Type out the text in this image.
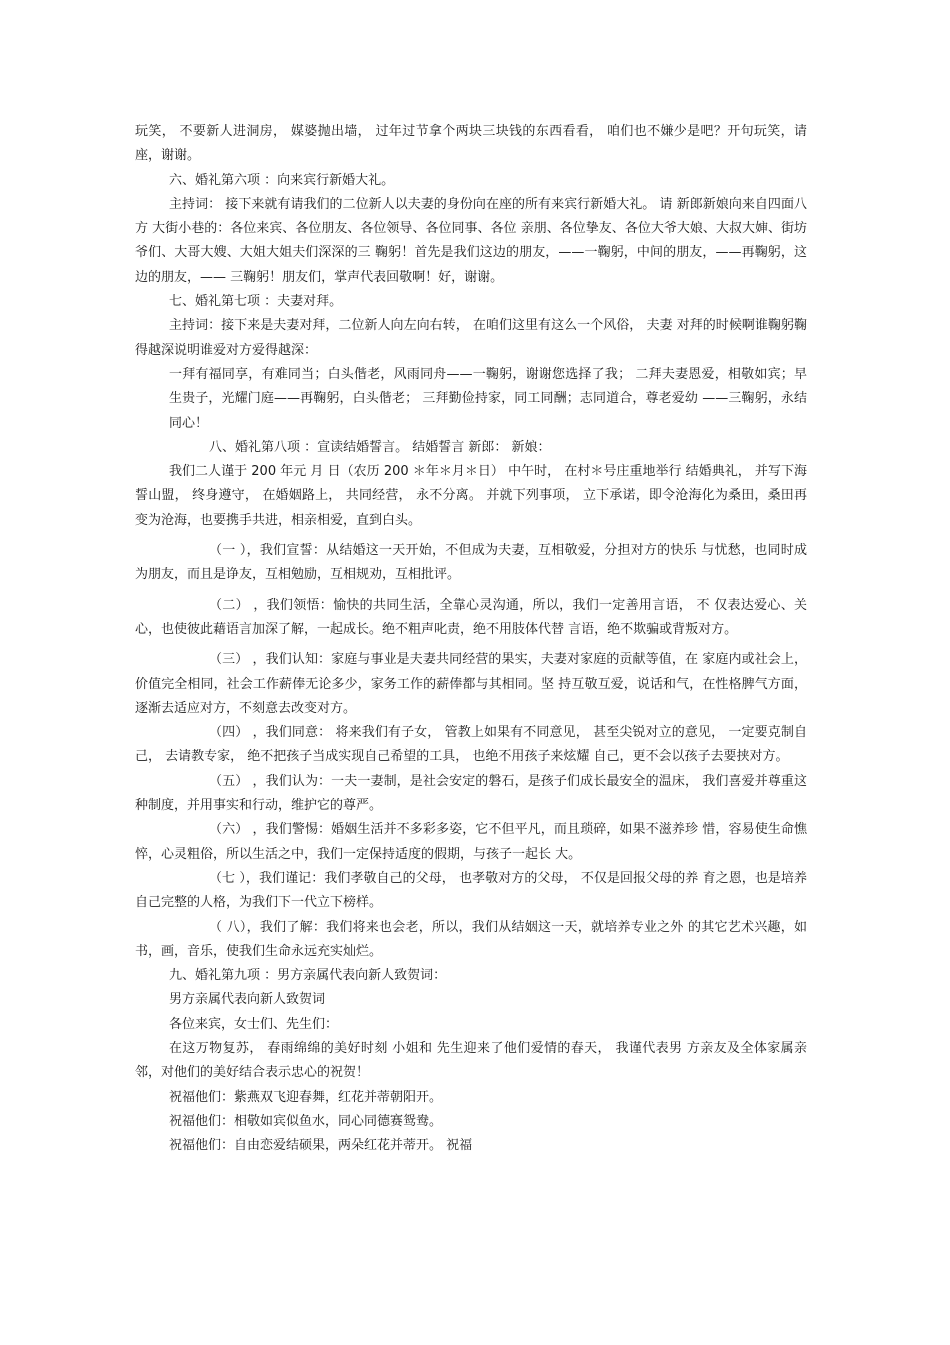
玩笑， 不要新人进洞房， 媒婆抛出墙， 过年过节拿个两块三块钱的东西看看， 咱们也不嫌少是吧？开句玩笑，请座，谢谢。

六、婚礼第六项 ：向来宾行新婚大礼。

主持词： 接下来就有请我们的二位新人以夫妻的身份向在座的所有来宾行新婚大礼。 请 新郎新娘向来自四面八方 大街小巷的：各位来宾、各位朋友、各位领导、各位同事、各位 亲朋、各位挚友、各位大爷大娘、大叔大婶、街坊爷们、大哥大嫂、大姐大姐夫们深深的三 鞠躬！首先是我们这边的朋友，——一鞠躬，中间的朋友，——再鞠躬，这边的朋友，—— 三鞠躬！朋友们，掌声代表回敬啊！好，谢谢。

七、婚礼第七项 ：夫妻对拜。

主持词：接下来是夫妻对拜，二位新人向左向右转， 在咱们这里有这么一个风俗， 夫妻 对拜的时候啊谁鞠躬鞠得越深说明谁爱对方爱得越深：

一拜有福同享，有难同当；白头偕老，风雨同舟——一鞠躬，谢谢您选择了我； 二拜夫妻恩爱，相敬如宾；早生贵子，光耀门庭——再鞠躬，白头偕老； 三拜勤俭持家，同工同酬；志同道合，尊老爱幼 ——三鞠躬，永结同心！

八、婚礼第八项 ：宣读结婚誓言。 结婚誓言 新郎： 新娘：

我们二人谨于 200 年元 月 日（农历 200 ＊年＊月＊日） 中午时， 在村＊号庄重地举行 结婚典礼， 并写下海誓山盟， 终身遵守， 在婚姻路上， 共同经营， 永不分离。 并就下列事项， 立下承诺，即令沧海化为桑田，桑田再变为沧海，也要携手共进，相亲相爱，直到白头。

（一 ），我们宣誓：从结婚这一天开始，不但成为夫妻，互相敬爱，分担对方的快乐 与忧愁，也同时成为朋友，而且是诤友，互相勉励，互相规劝，互相批评。

（二） ，我们领悟：愉快的共同生活，全靠心灵沟通，所以，我们一定善用言语， 不 仅表达爱心、关心，也使彼此藉语言加深了解，一起成长。绝不粗声叱责，绝不用肢体代替 言语，绝不欺骗或背叛对方。

（三） ，我们认知：家庭与事业是夫妻共同经营的果实，夫妻对家庭的贡献等值，在 家庭内或社会上，价值完全相同，社会工作薪俸无论多少，家务工作的薪俸都与其相同。坚 持互敬互爱，说话和气，在性格脾气方面，逐渐去适应对方，不刻意去改变对方。

（四） ，我们同意： 将来我们有子女， 管教上如果有不同意见， 甚至尖锐对立的意见， 一定要克制自己， 去请教专家， 绝不把孩子当成实现自己希望的工具， 也绝不用孩子来炫耀 自己，更不会以孩子去要挟对方。

（五） ，我们认为：一夫一妻制，是社会安定的磐石，是孩子们成长最安全的温床， 我们喜爱并尊重这种制度，并用事实和行动，维护它的尊严。

（六） ，我们警惕：婚姻生活并不多彩多姿，它不但平凡，而且琐碎，如果不滋养珍 惜，容易使生命憔悴，心灵粗俗，所以生活之中，我们一定保持适度的假期，与孩子一起长 大。

（七 ），我们谨记：我们孝敬自己的父母， 也孝敬对方的父母， 不仅是回报父母的养 育之恩，也是培养自己完整的人格，为我们下一代立下榜样。

（ 八），我们了解：我们将来也会老，所以，我们从结姻这一天，就培养专业之外 的其它艺术兴趣，如书，画，音乐，使我们生命永远充实灿烂。

九、婚礼第九项 ：男方亲属代表向新人致贺词：

男方亲属代表向新人致贺词

各位来宾，女士们、先生们：

在这万物复苏， 春雨绵绵的美好时刻 小姐和 先生迎来了他们爱情的春天， 我谨代表男 方亲友及全体家属亲邻，对他们的美好结合表示忠心的祝贺！

祝福他们：紫燕双飞迎春舞，红花并蒂朝阳开。

祝福他们：相敬如宾似鱼水，同心同德赛鸳鸯。

祝福他们：自由恋爱结硕果，两朵红花并蒂开。 祝福
